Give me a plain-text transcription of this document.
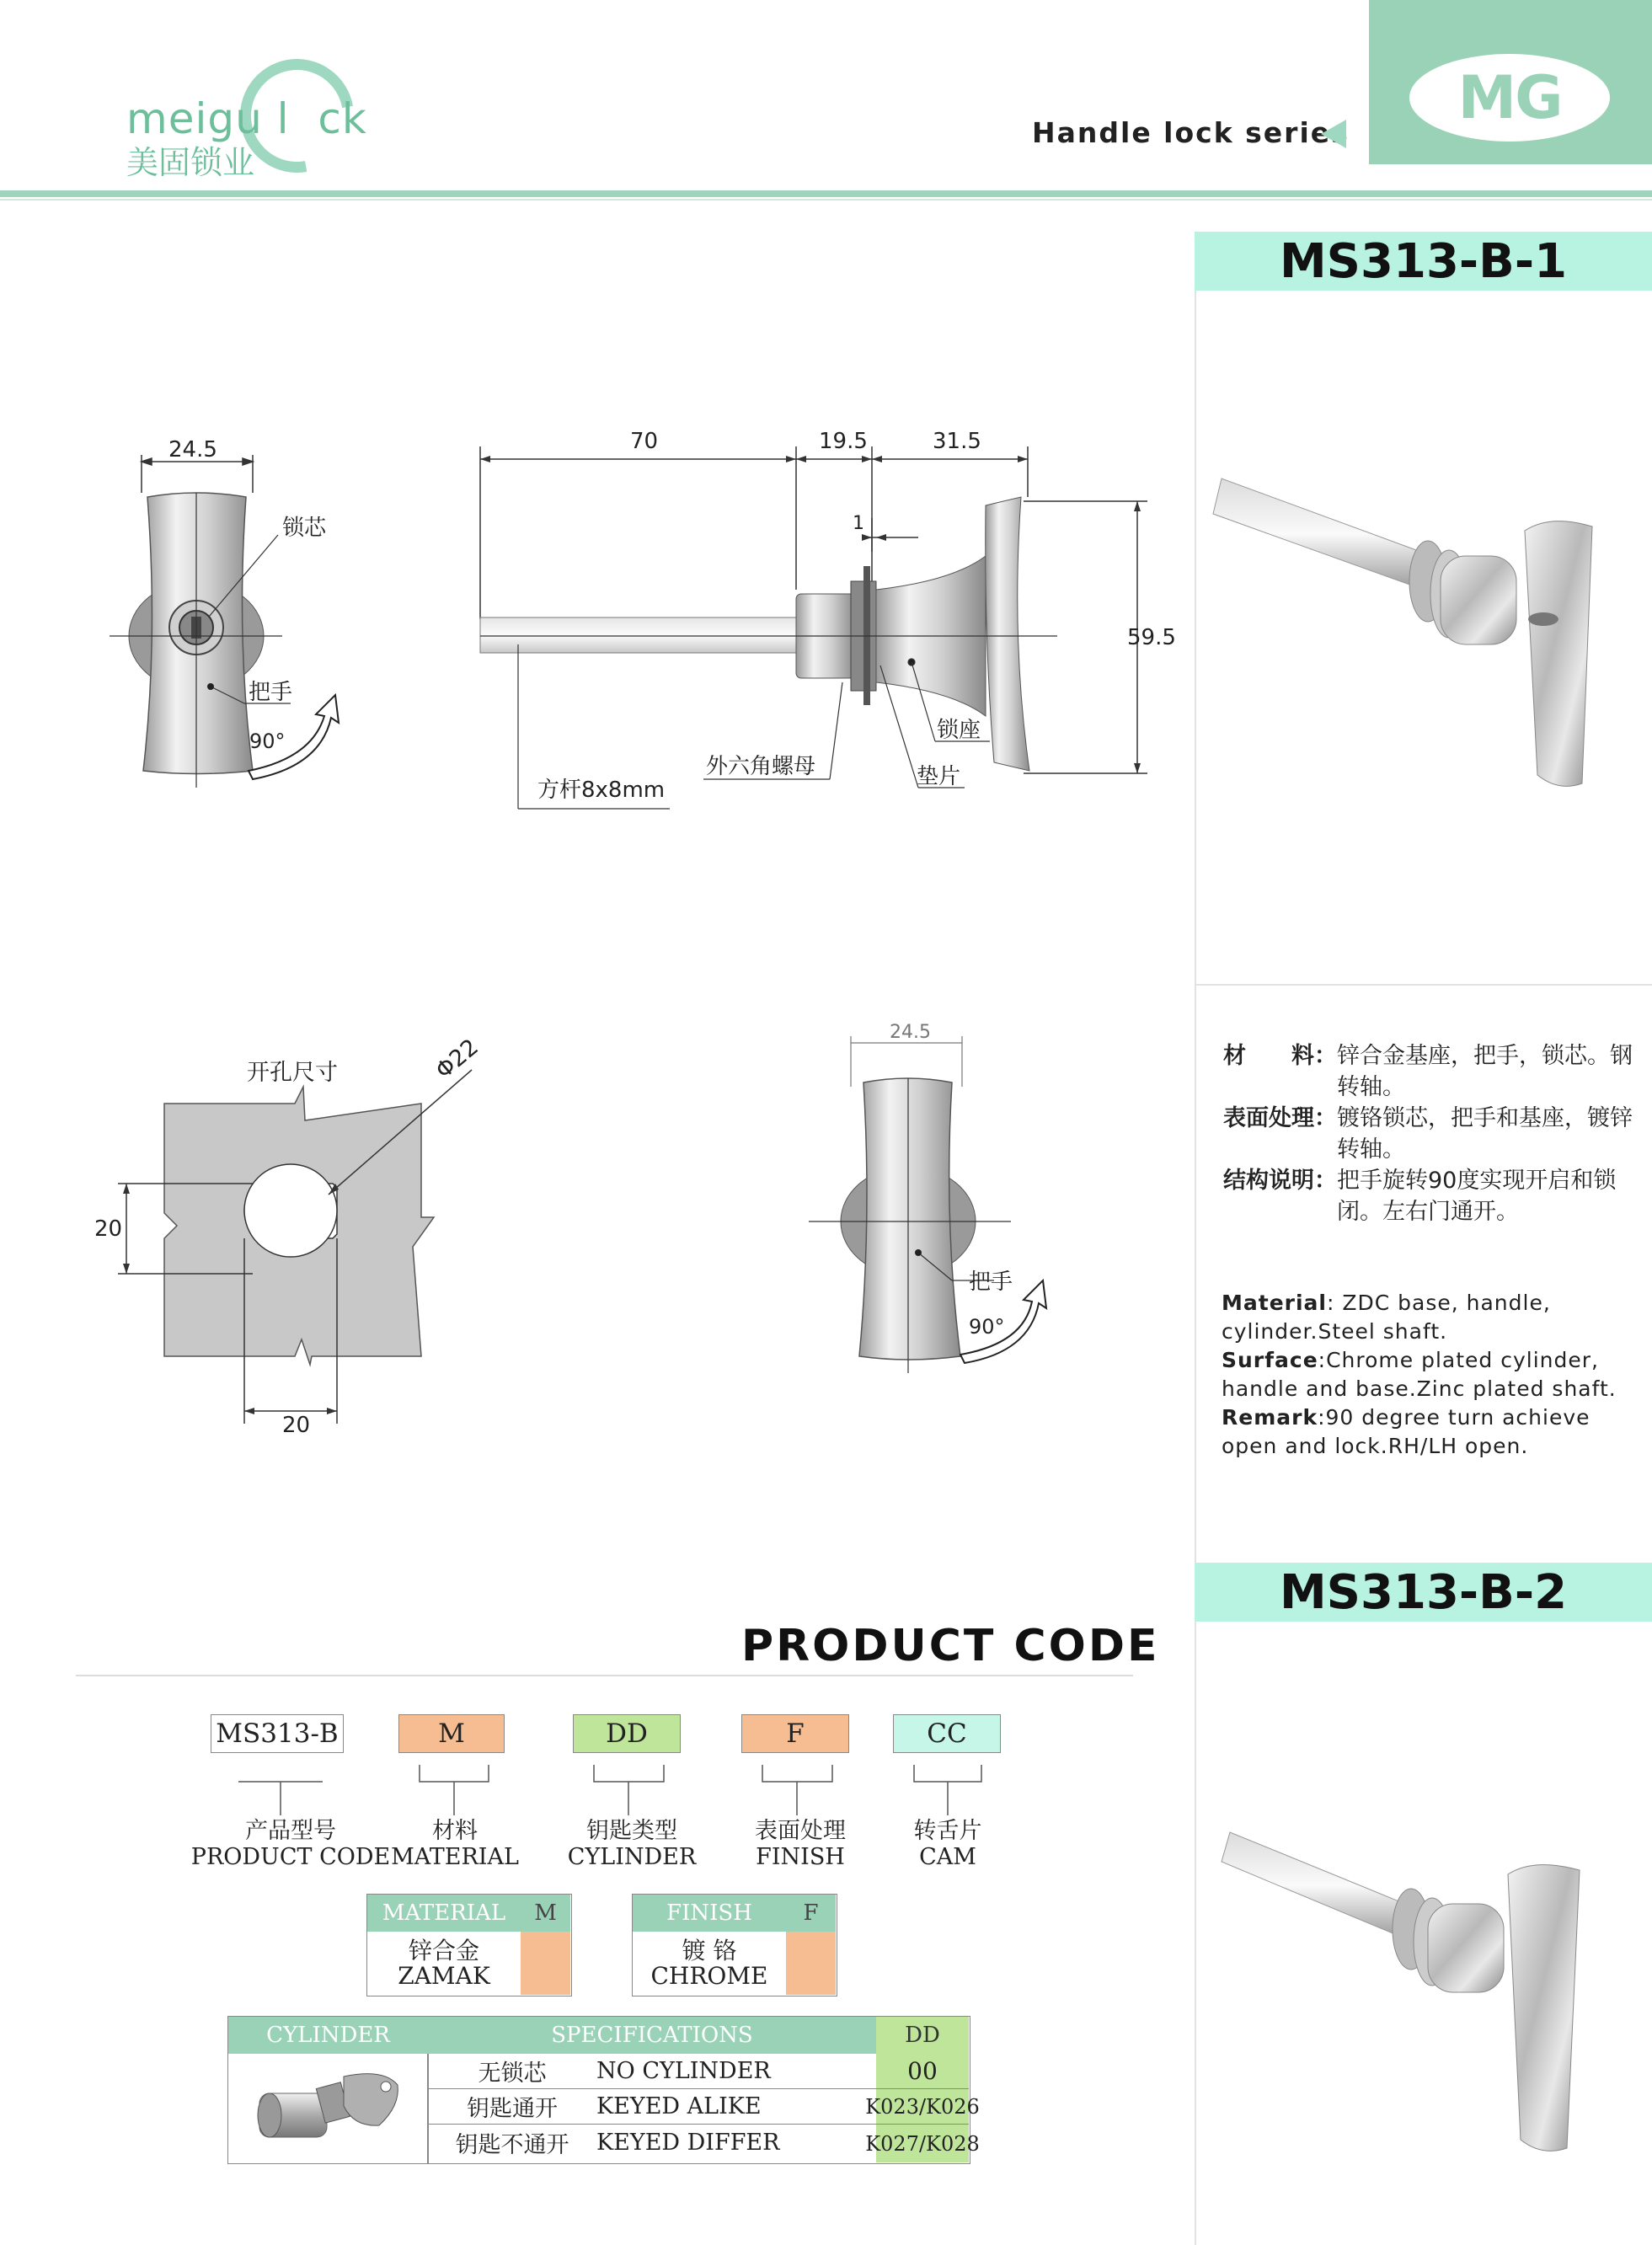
meigu l  ck
美固锁业
Handle lock series
MG
MS313-B-1
MS313-B-2
材　　料： 锌合金基座，把手，锁芯。钢转轴。
表面处理： 镀铬锁芯，把手和基座，镀锌转轴。
结构说明： 把手旋转90度实现开启和锁闭。左右门通开。
Material: ZDC base, handle, cylinder.Steel shaft.
Surface:Chrome plated cylinder, handle and base.Zinc plated shaft.
Remark:90 degree turn achieve open and lock.RH/LH open.
24.5
锁芯
把手
90°
70	19.5	31.5
1
59.5
锁座
垫片
外六角螺母
方杆8x8mm
开孔尺寸	Φ22
20
20
24.5
把手
90°
PRODUCT CODE
MS313-B	M	DD	F	CC
产品型号
PRODUCT CODE
材料
MATERIAL
钥匙类型
CYLINDER
表面处理
FINISH
转舌片
CAM
MATERIAL	M
锌合金
ZAMAK
FINISH	F
镀 铬
CHROME
CYLINDER	SPECIFICATIONS	DD
无锁芯	NO CYLINDER	00
钥匙通开	KEYED ALIKE	K023/K026
钥匙不通开	KEYED DIFFER	K027/K028
